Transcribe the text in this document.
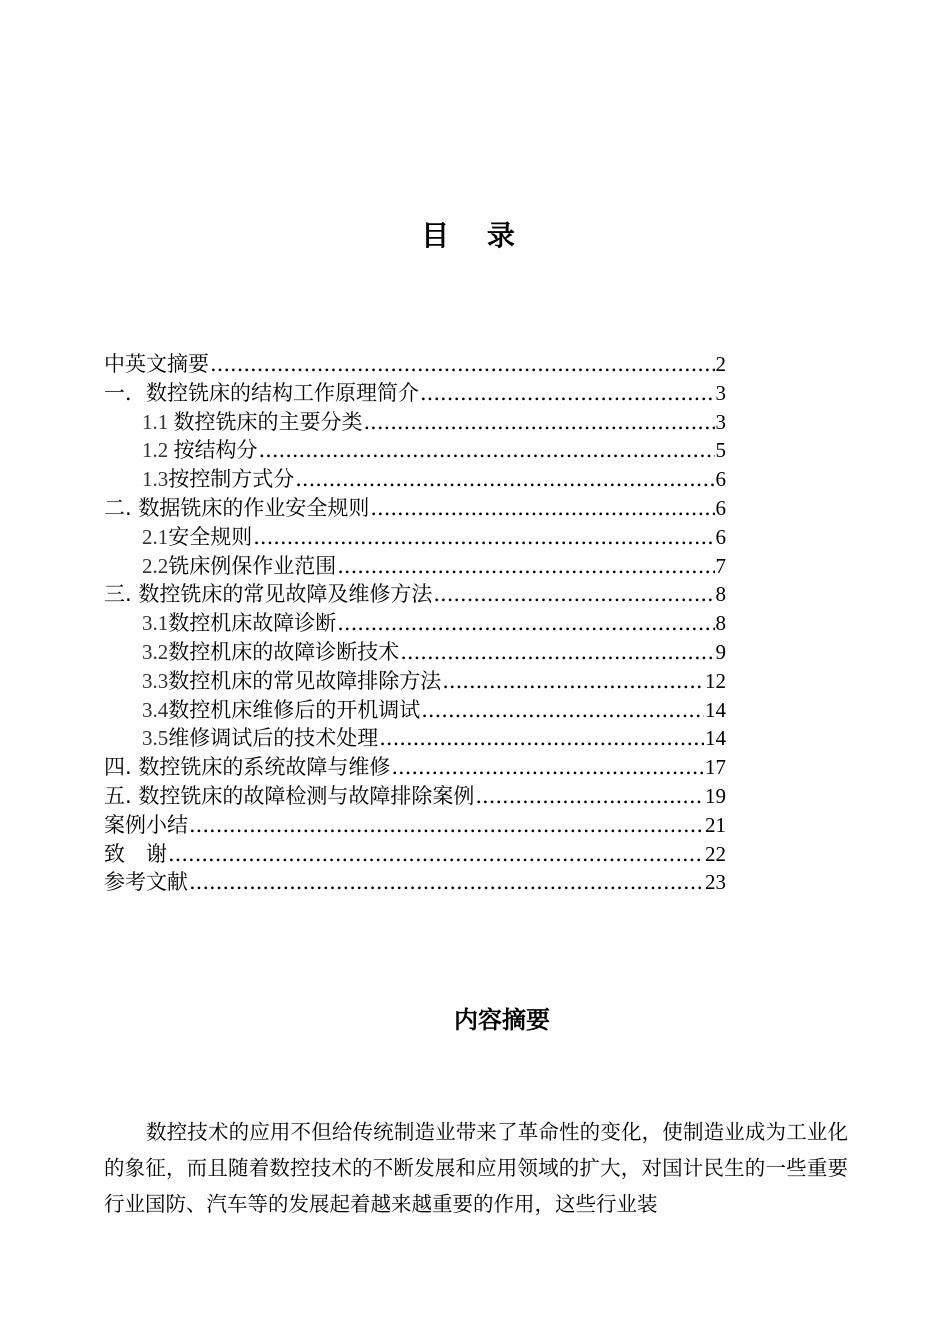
目 录
中英文摘要 .....	2
一．数控铣床的结构工作原理简介 .....	3
1.1 数控铣床的主要分类 .....	3
1.2 按结构分 .....	5
1.3按控制方式分 .....	6
二. 数据铣床的作业安全规则 .....	6
2.1安全规则 .....	6
2.2铣床例保作业范围 .....	7
三. 数控铣床的常见故障及维修方法 .....	8
3.1数控机床故障诊断 .....	8
3.2数控机床的故障诊断技术 .....	9
3.3数控机床的常见故障排除方法 .....	12
3.4数控机床维修后的开机调试 .....	14
3.5维修调试后的技术处理 .....	14
四. 数控铣床的系统故障与维修 .....	17
五. 数控铣床的故障检测与故障排除案例 .....	19
案例小结 .....	21
致　谢 .....	22
参考文献 .....	23
内容摘要
数控技术的应用不但给传统制造业带来了革命性的变化，使制造业成为工业化的象征，而且随着数控技术的不断发展和应用领域的扩大，对国计民生的一些重要行业国防、汽车等的发展起着越来越重要的作用，这些行业装
